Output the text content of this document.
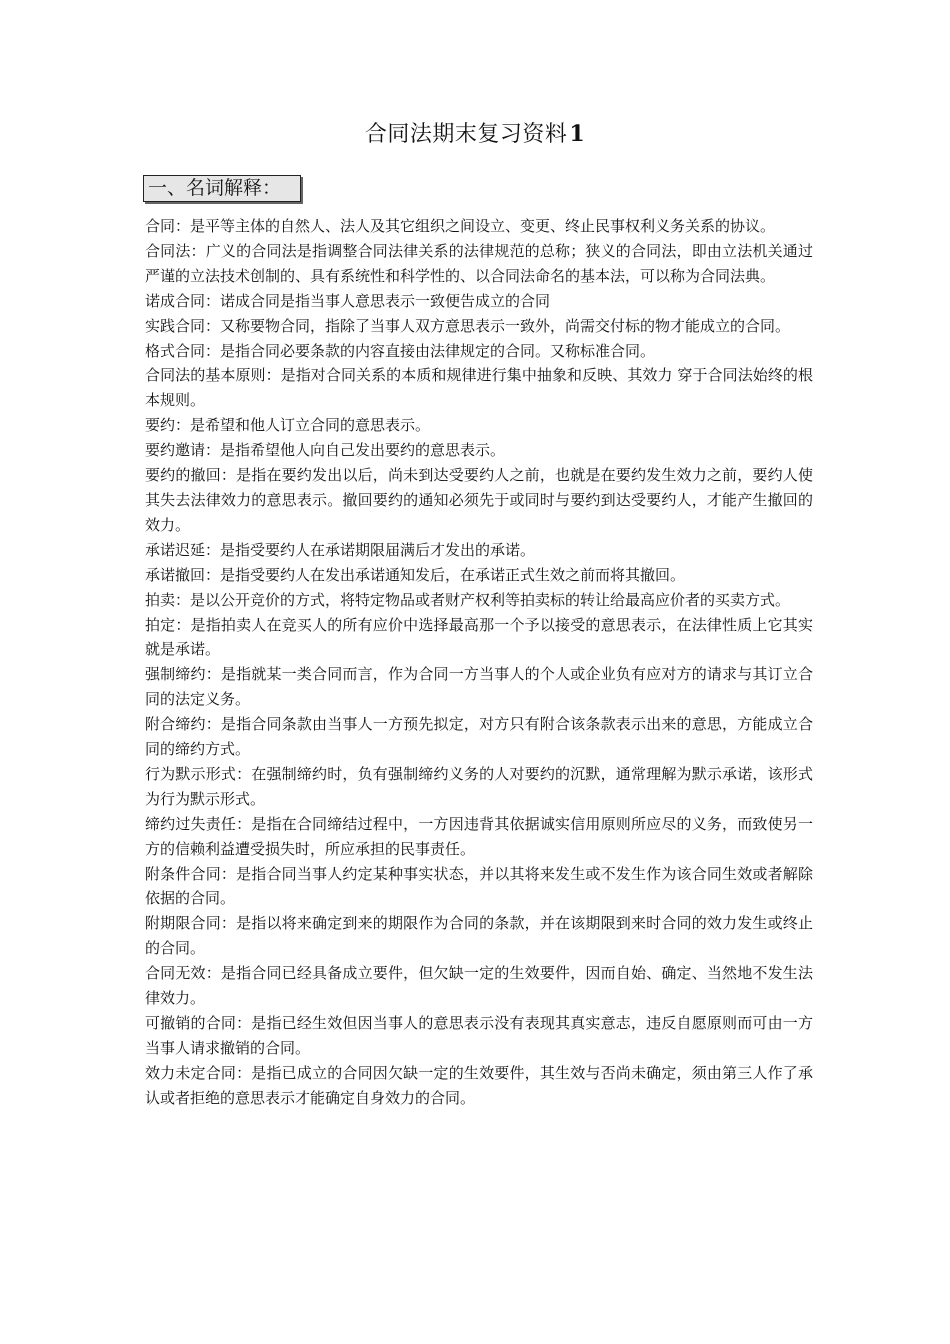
合同法期末复习资料1
一、名词解释：

合同：是平等主体的自然人、法人及其它组织之间设立、变更、终止民事权利义务关系的协议。

合同法：广义的合同法是指调整合同法律关系的法律规范的总称；狭义的合同法，即由立法机关通过严谨的立法技术创制的、具有系统性和科学性的、以合同法命名的基本法，可以称为合同法典。

诺成合同：诺成合同是指当事人意思表示一致便告成立的合同

实践合同：又称要物合同，指除了当事人双方意思表示一致外，尚需交付标的物才能成立的合同。

格式合同：是指合同必要条款的内容直接由法律规定的合同。又称标准合同。

合同法的基本原则：是指对合同关系的本质和规律进行集中抽象和反映、其效力 穿于合同法始终的根本规则。

要约：是希望和他人订立合同的意思表示。

要约邀请：是指希望他人向自己发出要约的意思表示。

要约的撤回：是指在要约发出以后，尚未到达受要约人之前，也就是在要约发生效力之前，要约人使其失去法律效力的意思表示。撤回要约的通知必须先于或同时与要约到达受要约人，才能产生撤回的效力。

承诺迟延：是指受要约人在承诺期限届满后才发出的承诺。

承诺撤回：是指受要约人在发出承诺通知发后，在承诺正式生效之前而将其撤回。

拍卖：是以公开竞价的方式，将特定物品或者财产权利等拍卖标的转让给最高应价者的买卖方式。

拍定：是指拍卖人在竞买人的所有应价中选择最高那一个予以接受的意思表示，在法律性质上它其实就是承诺。

强制缔约：是指就某一类合同而言，作为合同一方当事人的个人或企业负有应对方的请求与其订立合同的法定义务。

附合缔约：是指合同条款由当事人一方预先拟定，对方只有附合该条款表示出来的意思，方能成立合同的缔约方式。

行为默示形式：在强制缔约时，负有强制缔约义务的人对要约的沉默，通常理解为默示承诺，该形式为行为默示形式。

缔约过失责任：是指在合同缔结过程中，一方因违背其依据诚实信用原则所应尽的义务，而致使另一方的信赖利益遭受损失时，所应承担的民事责任。

附条件合同：是指合同当事人约定某种事实状态，并以其将来发生或不发生作为该合同生效或者解除依据的合同。

附期限合同：是指以将来确定到来的期限作为合同的条款，并在该期限到来时合同的效力发生或终止的合同。

合同无效：是指合同已经具备成立要件，但欠缺一定的生效要件，因而自始、确定、当然地不发生法律效力。

可撤销的合同：是指已经生效但因当事人的意思表示没有表现其真实意志，违反自愿原则而可由一方当事人请求撤销的合同。

效力未定合同：是指已成立的合同因欠缺一定的生效要件，其生效与否尚未确定，须由第三人作了承认或者拒绝的意思表示才能确定自身效力的合同。
